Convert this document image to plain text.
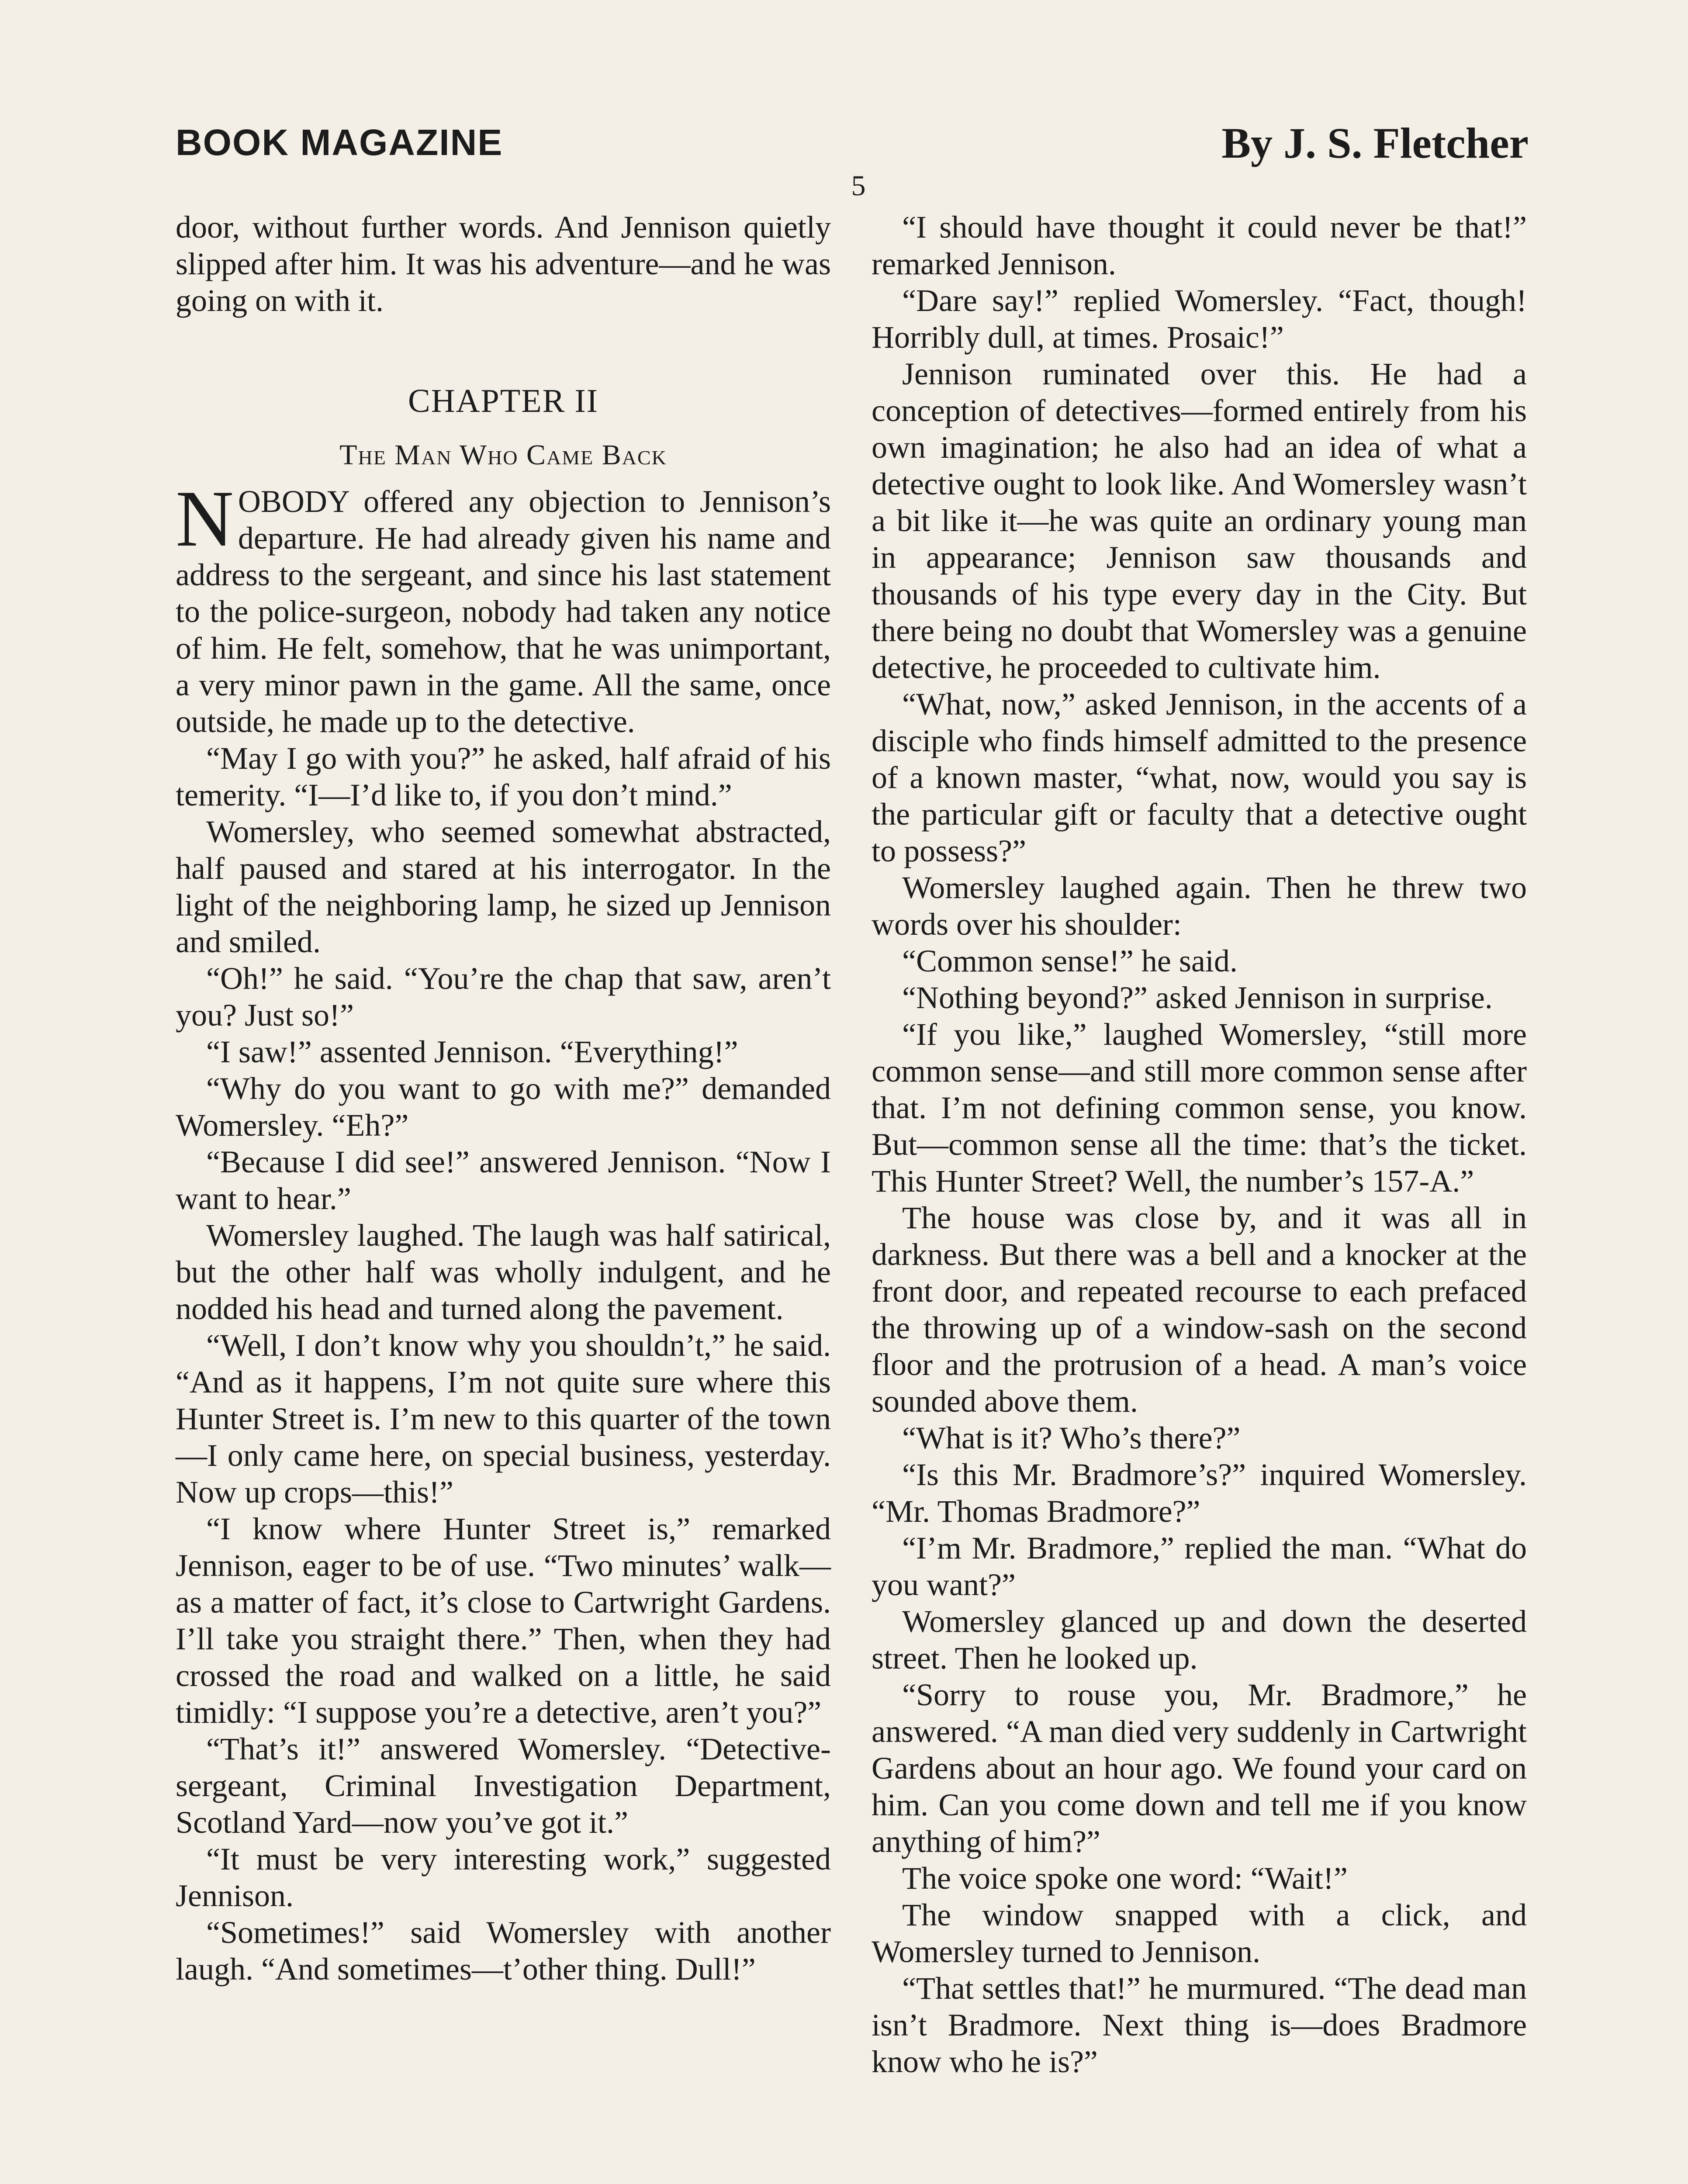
BOOK MAGAZINE	By J. S. Fletcher
5

door, without further words. And Jennison quietly slipped after him. It was his adventure—and he was going on with it.

CHAPTER II
The Man Who Came Back
N OBODY offered any objection to Jennison’s departure. He had already given his name and address to the sergeant, and since his last statement to the police-surgeon, nobody had taken any notice of him. He felt, somehow, that he was unimportant, a very minor pawn in the game. All the same, once outside, he made up to the detective.

“May I go with you?” he asked, half afraid of his temerity. “I—I’d like to, if you don’t mind.”

Womersley, who seemed somewhat abstracted, half paused and stared at his interrogator. In the light of the neighboring lamp, he sized up Jennison and smiled.

“Oh!” he said. “You’re the chap that saw, aren’t you? Just so!”

“I saw!” assented Jennison. “Everything!”

“Why do you want to go with me?” demanded Womersley. “Eh?”

“Because I did see!” answered Jennison. “Now I want to hear.”

Womersley laughed. The laugh was half satirical, but the other half was wholly indulgent, and he nodded his head and turned along the pavement.

“Well, I don’t know why you shouldn’t,” he said. “And as it happens, I’m not quite sure where this Hunter Street is. I’m new to this quarter of the town—I only came here, on special business, yesterday. Now up crops—this!”

“I know where Hunter Street is,” remarked Jennison, eager to be of use. “Two minutes’ walk—as a matter of fact, it’s close to Cartwright Gardens. I’ll take you straight there.” Then, when they had crossed the road and walked on a little, he said timidly: “I suppose you’re a detective, aren’t you?”

“That’s it!” answered Womersley. “Detective-sergeant, Criminal Investigation Department, Scotland Yard—now you’ve got it.”

“It must be very interesting work,” suggested Jennison.

“Sometimes!” said Womersley with another laugh. “And sometimes—t’other thing. Dull!”

“I should have thought it could never be that!” remarked Jennison.

“Dare say!” replied Womersley. “Fact, though! Horribly dull, at times. Prosaic!”

Jennison ruminated over this. He had a conception of detectives—formed entirely from his own imagination; he also had an idea of what a detective ought to look like. And Womersley wasn’t a bit like it—he was quite an ordinary young man in appearance; Jennison saw thousands and thousands of his type every day in the City. But there being no doubt that Womersley was a genuine detective, he proceeded to cultivate him.

“What, now,” asked Jennison, in the accents of a disciple who finds himself admitted to the presence of a known master, “what, now, would you say is the particular gift or faculty that a detective ought to possess?”

Womersley laughed again. Then he threw two words over his shoulder:

“Common sense!” he said.

“Nothing beyond?” asked Jennison in surprise.

“If you like,” laughed Womersley, “still more common sense—and still more common sense after that. I’m not defining common sense, you know. But—common sense all the time: that’s the ticket. This Hunter Street? Well, the number’s 157-A.”

The house was close by, and it was all in darkness. But there was a bell and a knocker at the front door, and repeated recourse to each prefaced the throwing up of a window-sash on the second floor and the protrusion of a head. A man’s voice sounded above them.

“What is it? Who’s there?”

“Is this Mr. Bradmore’s?” inquired Womersley. “Mr. Thomas Bradmore?”

“I’m Mr. Bradmore,” replied the man. “What do you want?”

Womersley glanced up and down the deserted street. Then he looked up.

“Sorry to rouse you, Mr. Bradmore,” he answered. “A man died very suddenly in Cartwright Gardens about an hour ago. We found your card on him. Can you come down and tell me if you know anything of him?”

The voice spoke one word: “Wait!”

The window snapped with a click, and Womersley turned to Jennison.

“That settles that!” he murmured. “The dead man isn’t Bradmore. Next thing is—does Bradmore know who he is?”
